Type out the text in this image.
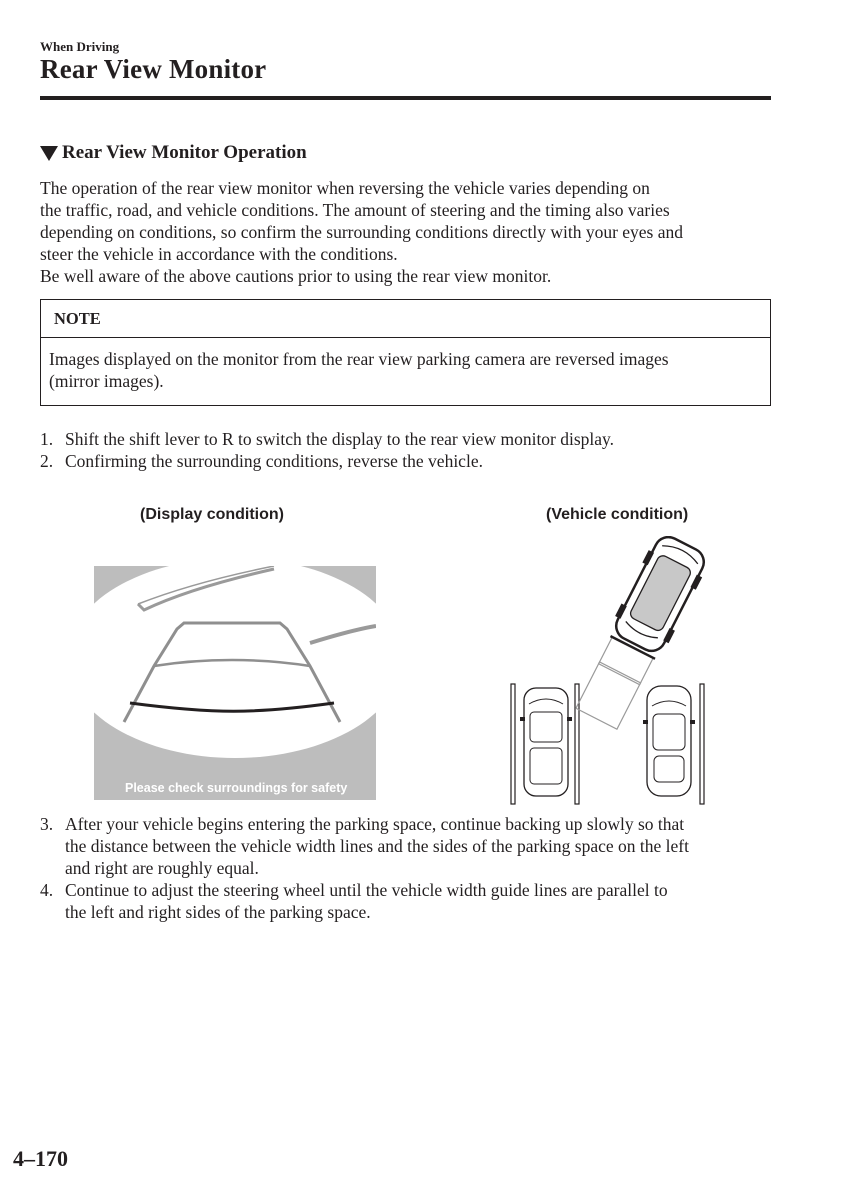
When Driving
Rear View Monitor
Rear View Monitor Operation
The operation of the rear view monitor when reversing the vehicle varies depending on
the traffic, road, and vehicle conditions. The amount of steering and the timing also varies
depending on conditions, so confirm the surrounding conditions directly with your eyes and
steer the vehicle in accordance with the conditions.
Be well aware of the above cautions prior to using the rear view monitor.
NOTE
Images displayed on the monitor from the rear view parking camera are reversed images
(mirror images).
1. Shift the shift lever to R to switch the display to the rear view monitor display.
2. Confirming the surrounding conditions, reverse the vehicle.
(Display condition)	(Vehicle condition)
Please check surroundings for safety
3. After your vehicle begins entering the parking space, continue backing up slowly so that
the distance between the vehicle width lines and the sides of the parking space on the left
and right are roughly equal.
4. Continue to adjust the steering wheel until the vehicle width guide lines are parallel to
the left and right sides of the parking space.
4–170
